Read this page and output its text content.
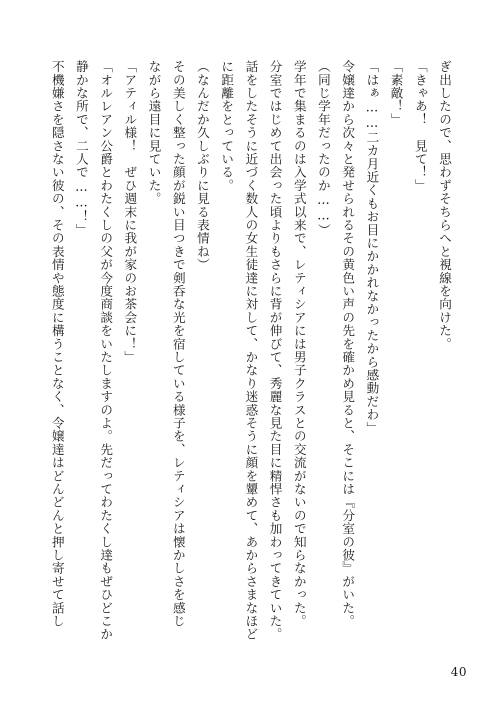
ぎ出したので、思わずそちらへと視線を向けた。
「きゃあ！　見て！」
「素敵！」
「はぁ……二カ月近くもお目にかかれなかったから感動だわ」
令嬢達から次々と発せられるその黄色い声の先を確かめ見ると、そこには『分室の彼』がいた。
（同じ学年だったのか……）
学年で集まるのは入学式以来で、レティシアには男子クラスとの交流がないので知らなかった。
分室ではじめて出会った頃よりもさらに背が伸びて、秀麗な見た目に精悍さも加わってきていた。
話をしたそうに近づく数人の女生徒達に対して、かなり迷惑そうに顔を顰めて、あからさまなほど
に距離をとっている。
（なんだか久しぶりに見る表情ね）
その美しく整った顔が鋭い目つきで剣呑な光を宿している様子を、レティシアは懐かしさを感じ
ながら遠目に見ていた。
「アティル様！　ぜひ週末に我が家のお茶会に！」
「オルレアン公爵とわたくしの父が今度商談をいたしますのよ。先だってわたくし達もぜひどこか
静かな所で、二人で……！」
不機嫌さを隠さない彼の、その表情や態度に構うことなく、令嬢達はどんどんと押し寄せて話し
40
